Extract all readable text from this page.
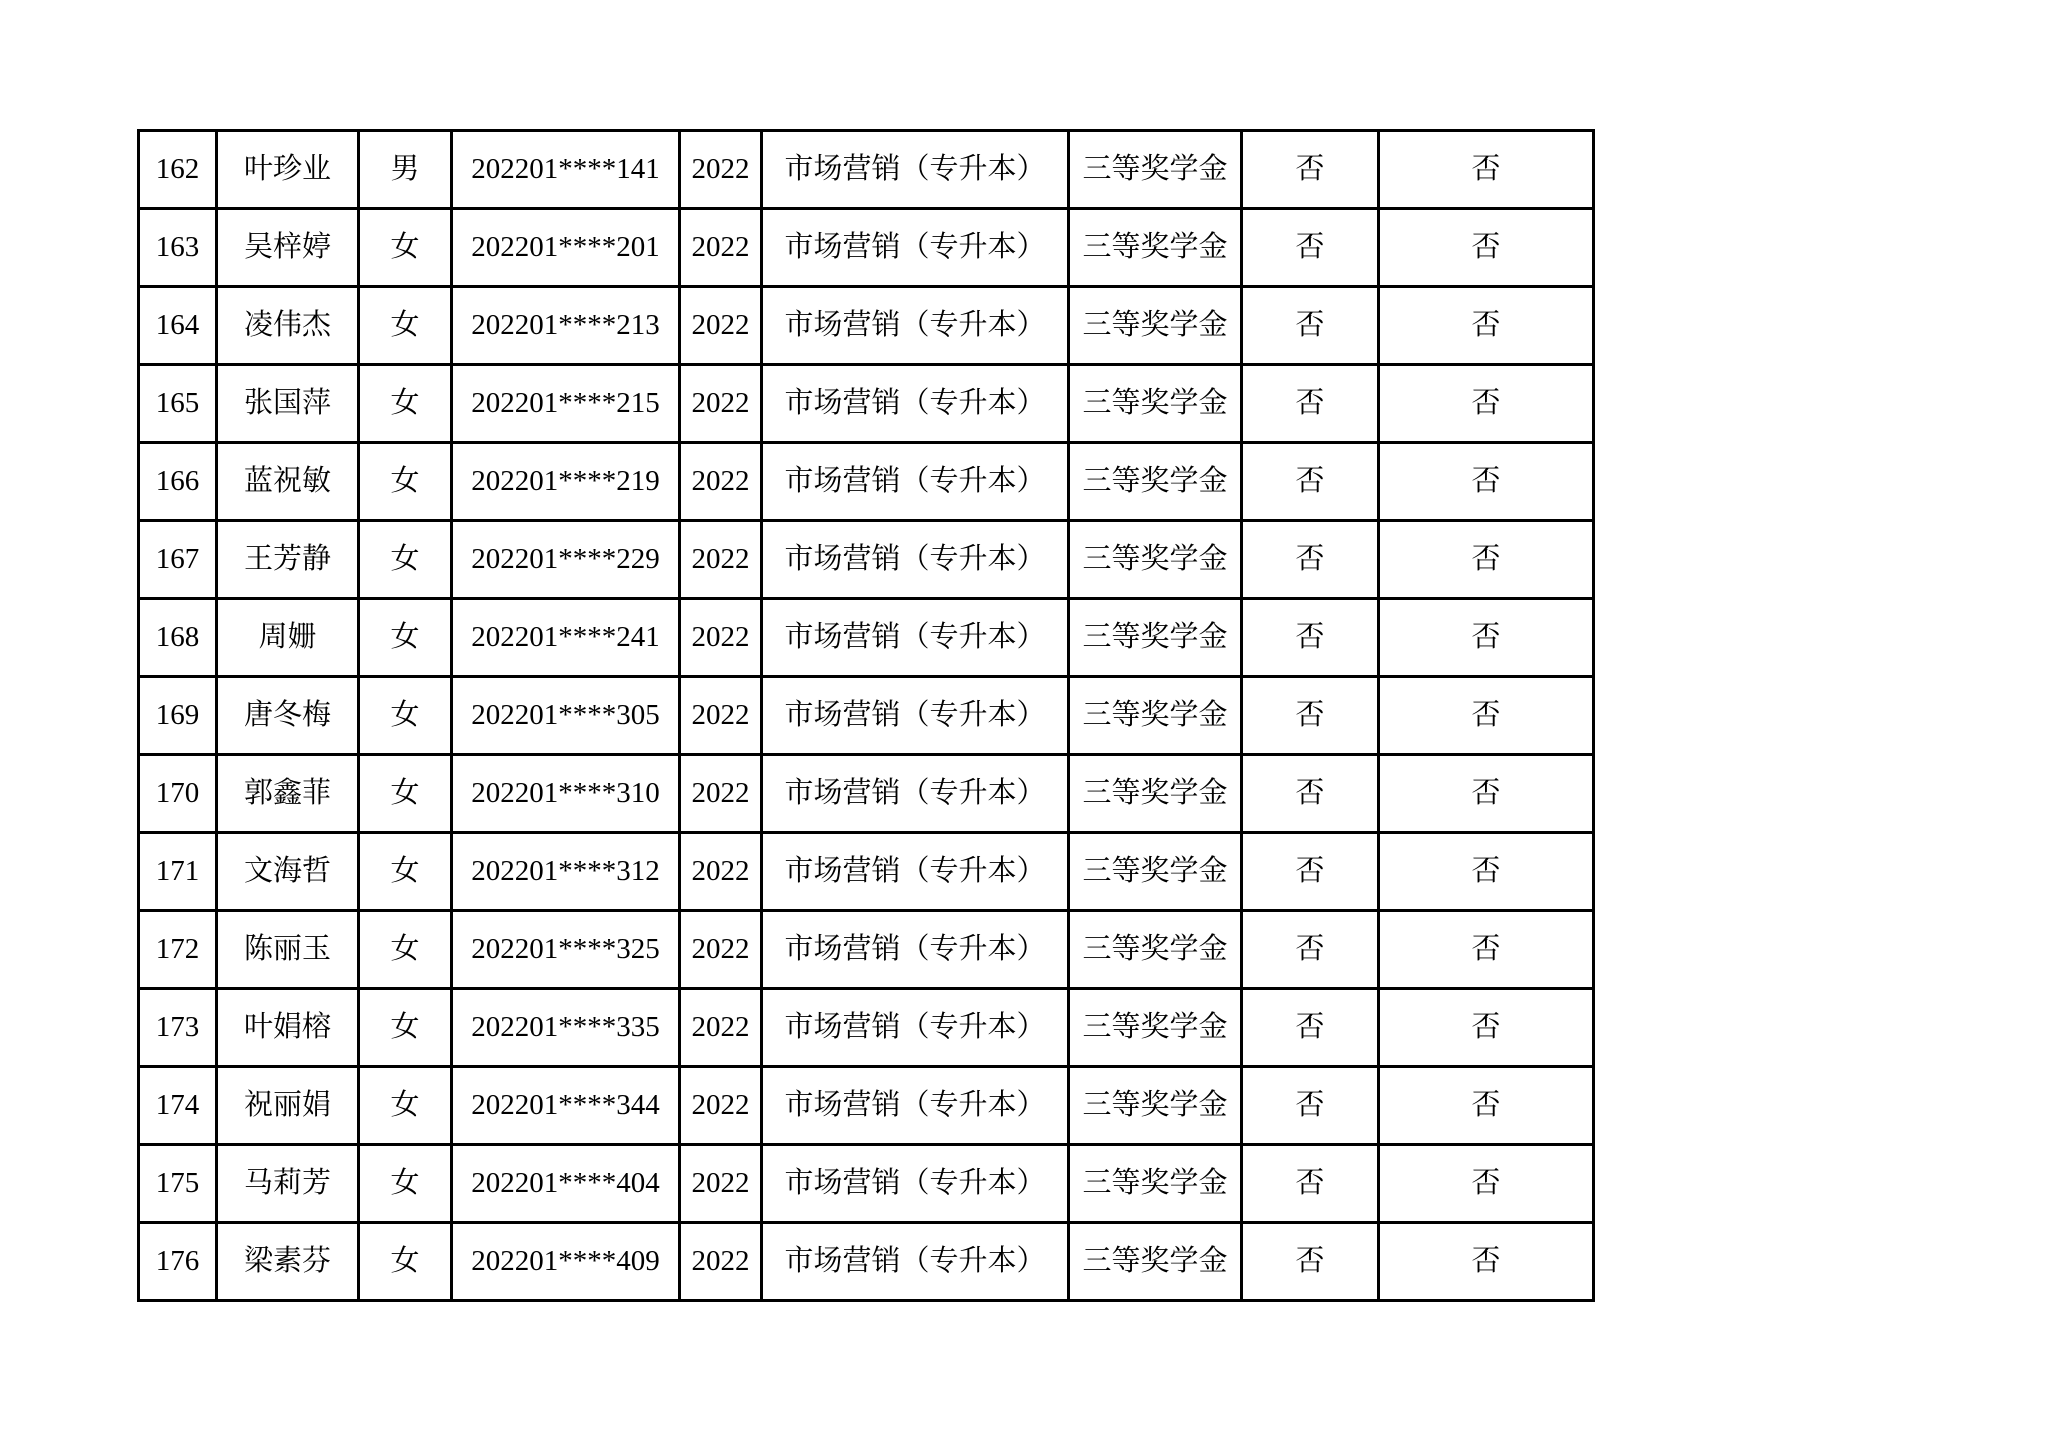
162	叶珍业	男	202201****141	2022	市场营销（专升本）	三等奖学金	否	否
163	吴梓婷	女	202201****201	2022	市场营销（专升本）	三等奖学金	否	否
164	凌伟杰	女	202201****213	2022	市场营销（专升本）	三等奖学金	否	否
165	张国萍	女	202201****215	2022	市场营销（专升本）	三等奖学金	否	否
166	蓝祝敏	女	202201****219	2022	市场营销（专升本）	三等奖学金	否	否
167	王芳静	女	202201****229	2022	市场营销（专升本）	三等奖学金	否	否
168	周姗	女	202201****241	2022	市场营销（专升本）	三等奖学金	否	否
169	唐冬梅	女	202201****305	2022	市场营销（专升本）	三等奖学金	否	否
170	郭鑫菲	女	202201****310	2022	市场营销（专升本）	三等奖学金	否	否
171	文海哲	女	202201****312	2022	市场营销（专升本）	三等奖学金	否	否
172	陈丽玉	女	202201****325	2022	市场营销（专升本）	三等奖学金	否	否
173	叶娟榕	女	202201****335	2022	市场营销（专升本）	三等奖学金	否	否
174	祝丽娟	女	202201****344	2022	市场营销（专升本）	三等奖学金	否	否
175	马莉芳	女	202201****404	2022	市场营销（专升本）	三等奖学金	否	否
176	梁素芬	女	202201****409	2022	市场营销（专升本）	三等奖学金	否	否
